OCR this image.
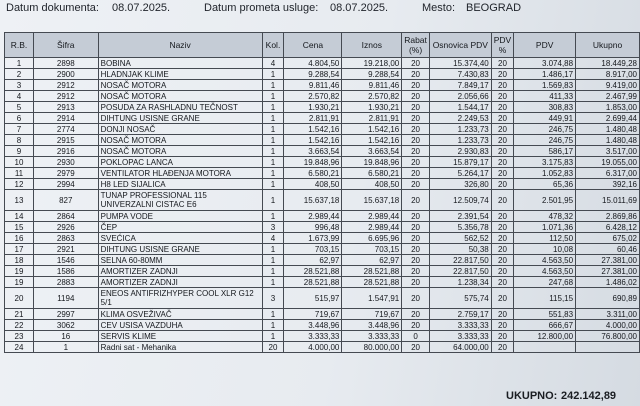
Datum dokumenta: 08.07.2025.	Datum prometa usluge: 08.07.2025.	Mesto: BEOGRAD
R.B.	Šifra	Naziv	Kol.	Cena	Iznos	Rabat (%)	Osnovica PDV	PDV %	PDV	Ukupno
1	2898	BOBINA	4	4.804,50	19.218,00	20	15.374,40	20	3.074,88	18.449,28
2	2900	HLADNJAK KLIME	1	9.288,54	9.288,54	20	7.430,83	20	1.486,17	8.917,00
3	2912	NOSAČ MOTORA	1	9.811,46	9.811,46	20	7.849,17	20	1.569,83	9.419,00
4	2912	NOSAČ MOTORA	1	2.570,82	2.570,82	20	2.056,66	20	411,33	2.467,99
5	2913	POSUDA ZA RASHLADNU TEČNOST	1	1.930,21	1.930,21	20	1.544,17	20	308,83	1.853,00
6	2914	DIHTUNG USISNE GRANE	1	2.811,91	2.811,91	20	2.249,53	20	449,91	2.699,44
7	2774	DONJI NOSAČ	1	1.542,16	1.542,16	20	1.233,73	20	246,75	1.480,48
8	2915	NOSAČ MOTORA	1	1.542,16	1.542,16	20	1.233,73	20	246,75	1.480,48
9	2916	NOSAČ MOTORA	1	3.663,54	3.663,54	20	2.930,83	20	586,17	3.517,00
10	2930	POKLOPAC LANCA	1	19.848,96	19.848,96	20	15.879,17	20	3.175,83	19.055,00
11	2979	VENTILATOR HLAĐENJA MOTORA	1	6.580,21	6.580,21	20	5.264,17	20	1.052,83	6.317,00
12	2994	H8 LED SIJALICA	1	408,50	408,50	20	326,80	20	65,36	392,16
13	827	TUNAP PROFESSIONAL 115 UNIVERZALNI CISTAC E6	1	15.637,18	15.637,18	20	12.509,74	20	2.501,95	15.011,69
14	2864	PUMPA VODE	1	2.989,44	2.989,44	20	2.391,54	20	478,32	2.869,86
15	2926	ČEP	3	996,48	2.989,44	20	5.356,78	20	1.071,36	6.428,12
16	2863	SVEĆICA	4	1.673,99	6.695,96	20	562,52	20	112,50	675,02
17	2921	DIHTUNG USISNE GRANE	1	703,15	703,15	20	50,38	20	10,08	60,46
18	1546	SELNA 60-80MM	1	62,97	62,97	20	22.817,50	20	4.563,50	27.381,00
19	1586	AMORTIZER ZADNJI	1	28.521,88	28.521,88	20	22.817,50	20	4.563,50	27.381,00
19	2883	AMORTIZER ZADNJI	1	28.521,88	28.521,88	20	1.238,34	20	247,68	1.486,02
20	1194	ENEOS ANTIFRIZHYPER COOL XLR G12 5/1	3	515,97	1.547,91	20	575,74	20	115,15	690,89
21	2997	KLIMA OSVEŽIVAČ	1	719,67	719,67	20	2.759,17	20	551,83	3.311,00
22	3062	CEV USISA VAZDUHA	1	3.448,96	3.448,96	20	3.333,33	20	666,67	4.000,00
23	16	SERVIS KLIME	1	3.333,33	3.333,33	0	3.333,33	20	12.800,00	76.800,00
24	1	Radni sat - Mehanika	20	4.000,00	80.000,00	20	64.000,00	20		
UKUPNO: 242.142,89
